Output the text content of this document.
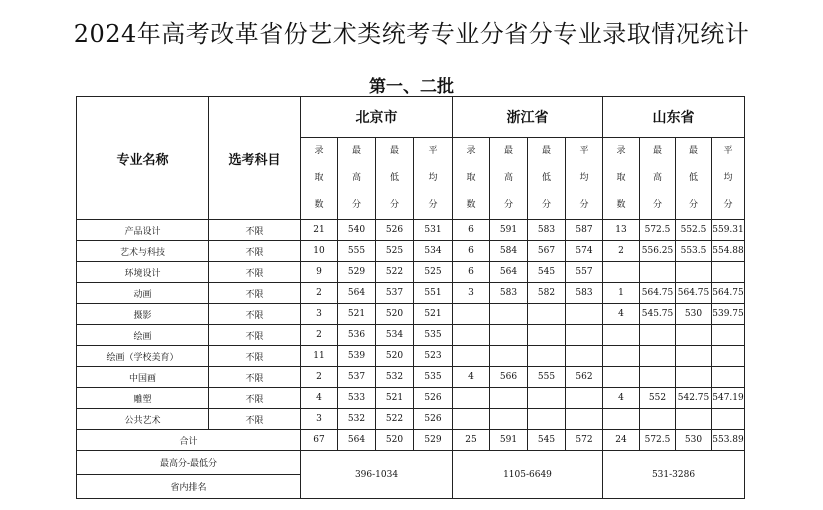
2024年高考改革省份艺术类统考专业分省分专业录取情况统计
第一、二批
专业名称	选考科目	北京市				浙江省				山东省			

		录
取
数	最
高
分	最
低
分	平
均
分	录
取
数	最
高
分	最
低
分	平
均
分	录
取
数	最
高
分	最
低
分	平
均
分

产品设计	不限	21	540	526	531	6	591	583	587	13	572.5	552.5	559.31
艺术与科技	不限	10	555	525	534	6	584	567	574	2	556.25	553.5	554.88
环境设计	不限	9	529	522	525	6	564	545	557				
动画	不限	2	564	537	551	3	583	582	583	1	564.75	564.75	564.75
摄影	不限	3	521	520	521					4	545.75	530	539.75
绘画	不限	2	536	534	535								
绘画（学校美育）	不限	11	539	520	523								
中国画	不限	2	537	532	535	4	566	555	562				
雕塑	不限	4	533	521	526					4	552	542.75	547.19
公共艺术	不限	3	532	522	526								
合计		67	564	520	529	25	591	545	572	24	572.5	530	553.89
最高分-最低分		396-1034				1105-6649				531-3286			
省内排名													
